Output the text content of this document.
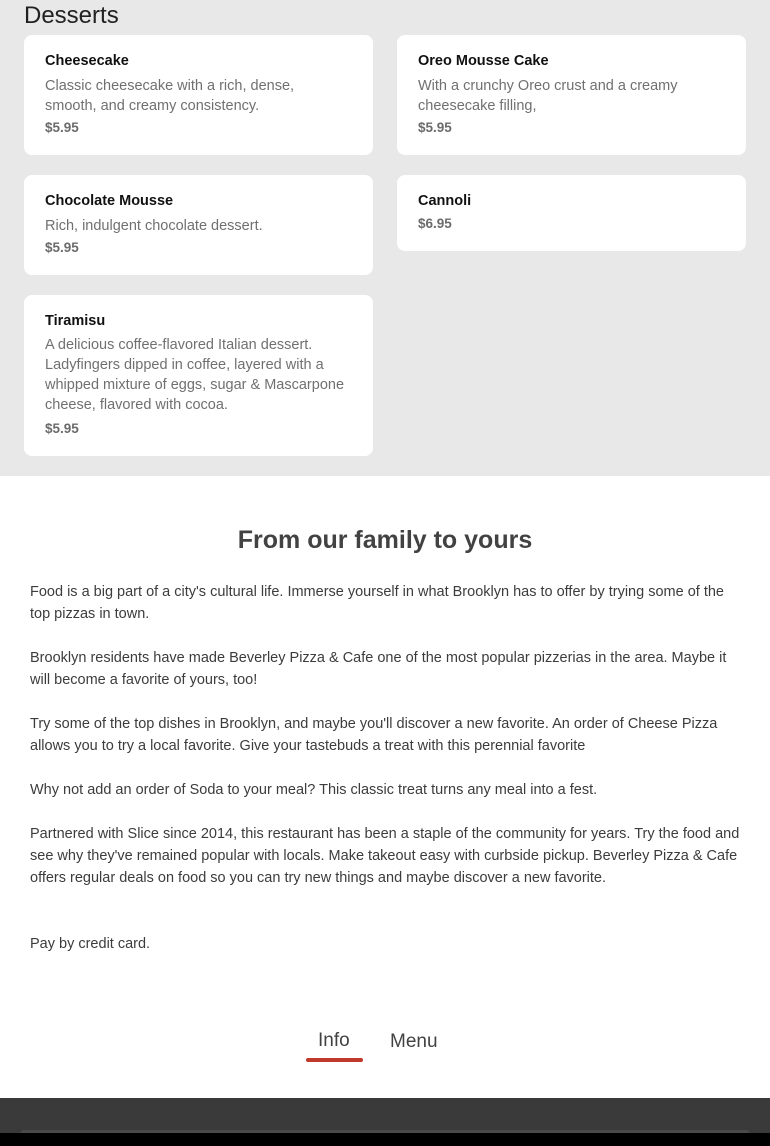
Desserts
Cheesecake
Classic cheesecake with a rich, dense, smooth, and creamy consistency.
$5.95
Oreo Mousse Cake
With a crunchy Oreo crust and a creamy cheesecake filling,
$5.95
Chocolate Mousse
Rich, indulgent chocolate dessert.
$5.95
Cannoli
$6.95
Tiramisu
A delicious coffee-flavored Italian dessert. Ladyfingers dipped in coffee, layered with a whipped mixture of eggs, sugar & Mascarpone cheese, flavored with cocoa.
$5.95
From our family to yours

Food is a big part of a city's cultural life. Immerse yourself in what Brooklyn has to offer by trying some of the top pizzas in town.

Brooklyn residents have made Beverley Pizza & Cafe one of the most popular pizzerias in the area. Maybe it will become a favorite of yours, too!

Try some of the top dishes in Brooklyn, and maybe you'll discover a new favorite. An order of Cheese Pizza allows you to try a local favorite. Give your tastebuds a treat with this perennial favorite

Why not add an order of Soda to your meal? This classic treat turns any meal into a fest.

Partnered with Slice since 2014, this restaurant has been a staple of the community for years. Try the food and see why they've remained popular with locals. Make takeout easy with curbside pickup. Beverley Pizza & Cafe offers regular deals on food so you can try new things and maybe discover a new favorite.

Pay by credit card.

Info Menu
